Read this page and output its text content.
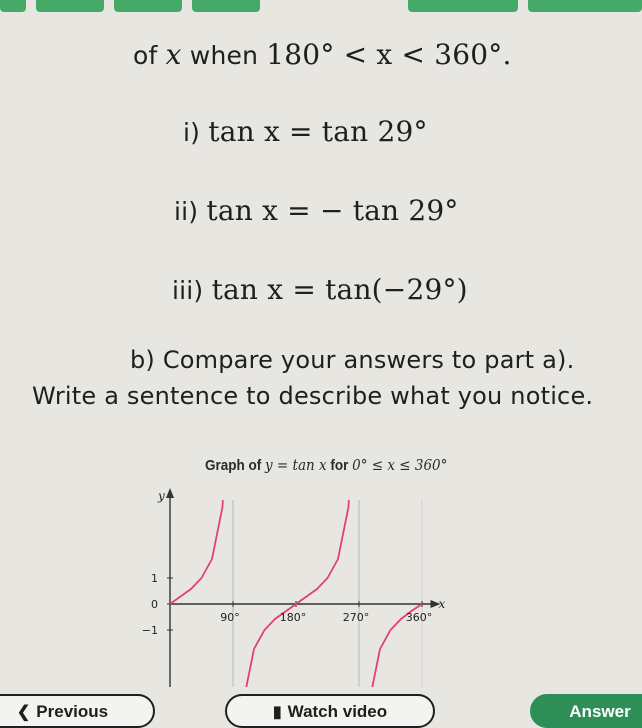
of x when 180° < x < 360°.
i) tan x = tan 29°
ii) tan x = − tan 29°
iii) tan x = tan(−29°)
b) Compare your answers to part a).
Write a sentence to describe what you notice.
Graph of y = tan x for 0° ≤ x ≤ 360°
y
x
1
0
−1
90°	180°	270°	360°
❮ Previous	▮ Watch video	Answer
